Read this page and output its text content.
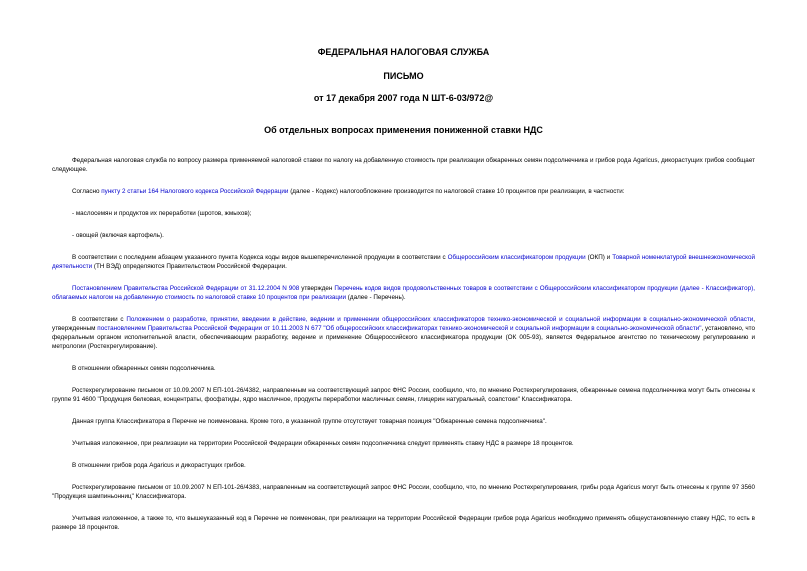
ФЕДЕРАЛЬНАЯ НАЛОГОВАЯ СЛУЖБА

ПИСЬМО

от 17 декабря 2007 года N ШТ-6-03/972@

Об отдельных вопросах применения пониженной ставки НДС

Федеральная налоговая служба по вопросу размера применяемой налоговой ставки по налогу на добавленную стоимость при реализации обжаренных семян подсолнечника и грибов рода Agaricus, дикорастущих грибов сообщает следующее.

Согласно пункту 2 статьи 164 Налогового кодекса Российской Федерации (далее - Кодекс) налогообложение производится по налоговой ставке 10 процентов при реализации, в частности:

- маслосемян и продуктов их переработки (шротов, жмыхов);

- овощей (включая картофель).

В соответствии с последним абзацем указанного пункта Кодекса коды видов вышеперечисленной продукции в соответствии с Общероссийским классификатором продукции (ОКП) и Товарной номенклатурой внешнеэкономической деятельности (ТН ВЭД) определяются Правительством Российской Федерации.

Постановлением Правительства Российской Федерации от 31.12.2004 N 908 утвержден Перечень кодов видов продовольственных товаров в соответствии с Общероссийским классификатором продукции (далее - Классификатор), облагаемых налогом на добавленную стоимость по налоговой ставке 10 процентов при реализации (далее - Перечень).

В соответствии с Положением о разработке, принятии, введении в действие, ведении и применении общероссийских классификаторов технико-экономической и социальной информации в социально-экономической области, утвержденным постановлением Правительства Российской Федерации от 10.11.2003 N 677 "Об общероссийских классификаторах технико-экономической и социальной информации в социально-экономической области", установлено, что федеральным органом исполнительной власти, обеспечивающим разработку, ведение и применение Общероссийского классификатора продукции (ОК 005-93), является Федеральное агентство по техническому регулированию и метрологии (Ростехрегулирование).

В отношении обжаренных семян подсолнечника.

Ростехрегулирование письмом от 10.09.2007 N ЕП-101-26/4382, направленным на соответствующий запрос ФНС России, сообщило, что, по мнению Ростехрегулирования, обжаренные семена подсолнечника могут быть отнесены к группе 91 4600 "Продукция белковая, концентраты, фосфатиды, ядро масличное, продукты переработки масличных семян, глицерин натуральный, соапстоки" Классификатора.

Данная группа Классификатора в Перечне не поименована. Кроме того, в указанной группе отсутствует товарная позиция "Обжаренные семена подсолнечника".

Учитывая изложенное, при реализации на территории Российской Федерации обжаренных семян подсолнечника следует применять ставку НДС в размере 18 процентов.

В отношении грибов рода Agaricus и дикорастущих грибов.

Ростехрегулирование письмом от 10.09.2007 N ЕП-101-26/4383, направленным на соответствующий запрос ФНС России, сообщило, что, по мнению Ростехрегулирования, грибы рода Agaricus могут быть отнесены к группе 97 3560 "Продукция шампиньонниц" Классификатора.

Учитывая изложенное, а также то, что вышеуказанный код в Перечне не поименован, при реализации на территории Российской Федерации грибов рода Agaricus необходимо применять общеустановленную ставку НДС, то есть в размере 18 процентов.
